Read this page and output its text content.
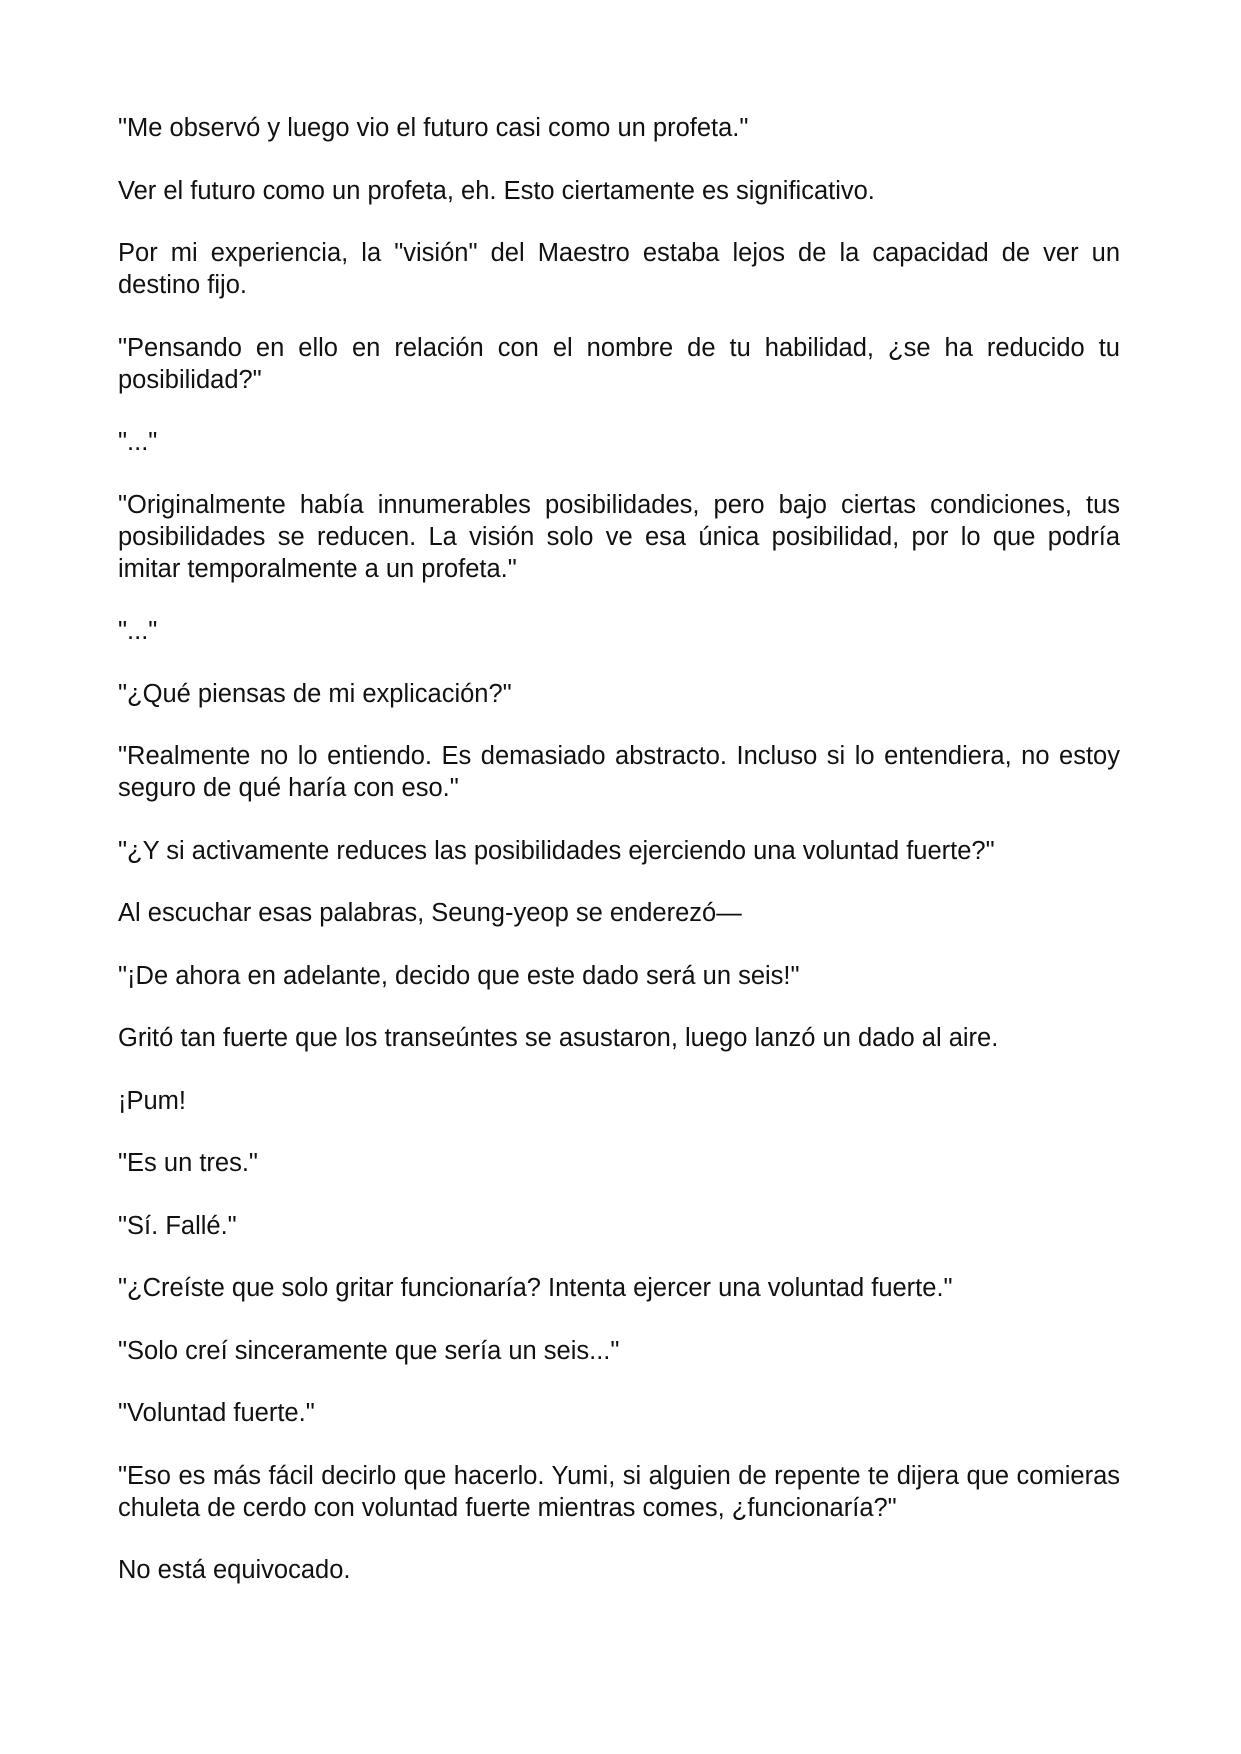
"Me observó y luego vio el futuro casi como un profeta."

Ver el futuro como un profeta, eh. Esto ciertamente es significativo.

Por mi experiencia, la "visión" del Maestro estaba lejos de la capacidad de ver un destino fijo.

"Pensando en ello en relación con el nombre de tu habilidad, ¿se ha reducido tu posibilidad?"

"..."

"Originalmente había innumerables posibilidades, pero bajo ciertas condiciones, tus posibilidades se reducen. La visión solo ve esa única posibilidad, por lo que podría imitar temporalmente a un profeta."

"..."

"¿Qué piensas de mi explicación?"

"Realmente no lo entiendo. Es demasiado abstracto. Incluso si lo entendiera, no estoy seguro de qué haría con eso."

"¿Y si activamente reduces las posibilidades ejerciendo una voluntad fuerte?"

Al escuchar esas palabras, Seung-yeop se enderezó—

"¡De ahora en adelante, decido que este dado será un seis!"

Gritó tan fuerte que los transeúntes se asustaron, luego lanzó un dado al aire.

¡Pum!

"Es un tres."

"Sí. Fallé."

"¿Creíste que solo gritar funcionaría? Intenta ejercer una voluntad fuerte."

"Solo creí sinceramente que sería un seis..."

"Voluntad fuerte."

"Eso es más fácil decirlo que hacerlo. Yumi, si alguien de repente te dijera que comieras chuleta de cerdo con voluntad fuerte mientras comes, ¿funcionaría?"

No está equivocado.
